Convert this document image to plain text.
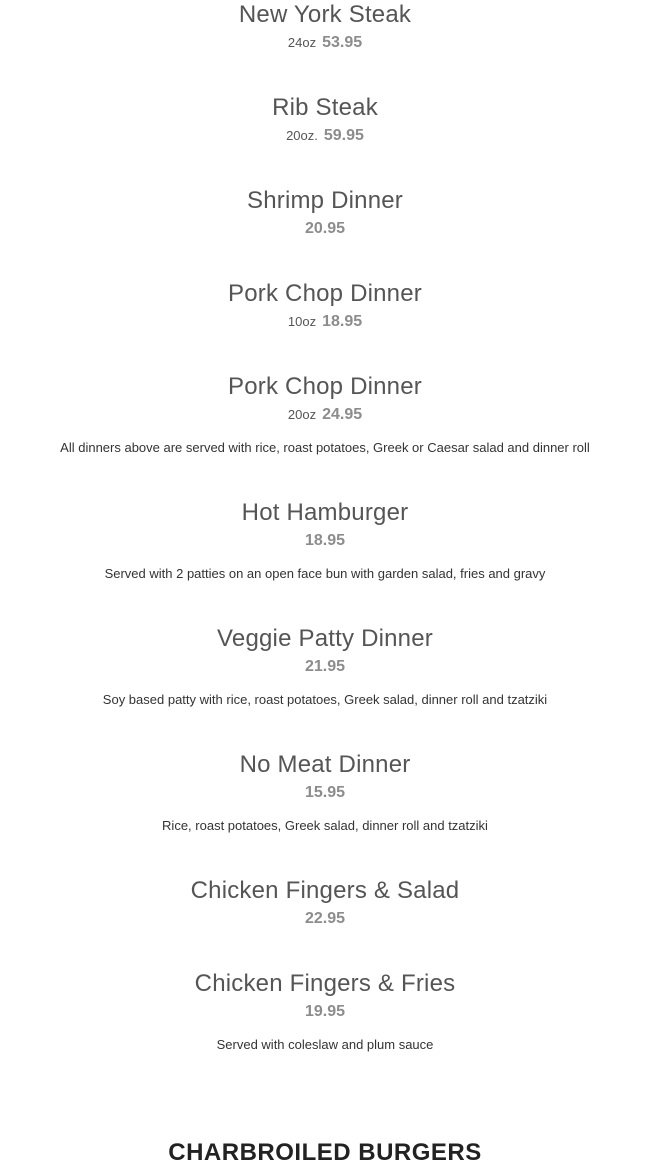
New York Steak
24oz 53.95
Rib Steak
20oz. 59.95
Shrimp Dinner
20.95
Pork Chop Dinner
10oz 18.95
Pork Chop Dinner
20oz 24.95
All dinners above are served with rice, roast potatoes, Greek or Caesar salad and dinner roll
Hot Hamburger
18.95
Served with 2 patties on an open face bun with garden salad, fries and gravy
Veggie Patty Dinner
21.95
Soy based patty with rice, roast potatoes, Greek salad, dinner roll and tzatziki
No Meat Dinner
15.95
Rice, roast potatoes, Greek salad, dinner roll and tzatziki
Chicken Fingers & Salad
22.95
Chicken Fingers & Fries
19.95
Served with coleslaw and plum sauce
CHARBROILED BURGERS
